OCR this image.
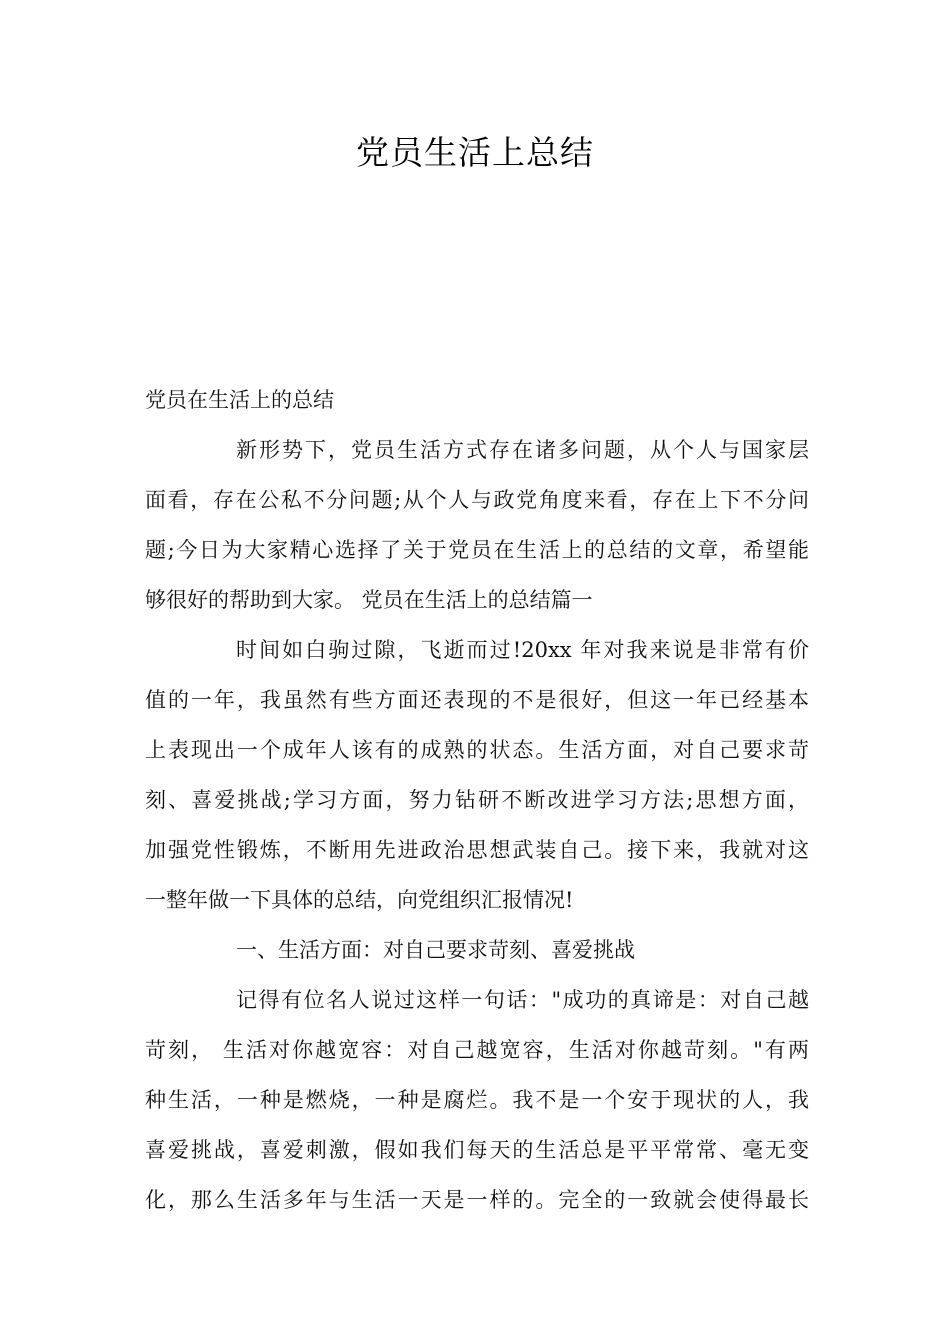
党员生活上总结
党员在生活上的总结
新形势下，党员生活方式存在诸多问题，从个人与国家层
面看，存在公私不分问题;从个人与政党角度来看，存在上下不分问
题;今日为大家精心选择了关于党员在生活上的总结的文章，希望能
够很好的帮助到大家。 党员在生活上的总结篇一
时间如白驹过隙，飞逝而过!20xx 年对我来说是非常有价
值的一年，我虽然有些方面还表现的不是很好，但这一年已经基本
上表现出一个成年人该有的成熟的状态。生活方面，对自己要求苛
刻、喜爱挑战;学习方面，努力钻研不断改进学习方法;思想方面，
加强党性锻炼，不断用先进政治思想武装自己。接下来，我就对这
一整年做一下具体的总结，向党组织汇报情况!
一、生活方面：对自己要求苛刻、喜爱挑战
记得有位名人说过这样一句话："成功的真谛是：对自己越
苛刻， 生活对你越宽容：对自己越宽容，生活对你越苛刻。"有两
种生活，一种是燃烧，一种是腐烂。我不是一个安于现状的人，我
喜爱挑战，喜爱刺激，假如我们每天的生活总是平平常常、毫无变
化，那么生活多年与生活一天是一样的。完全的一致就会使得最长
